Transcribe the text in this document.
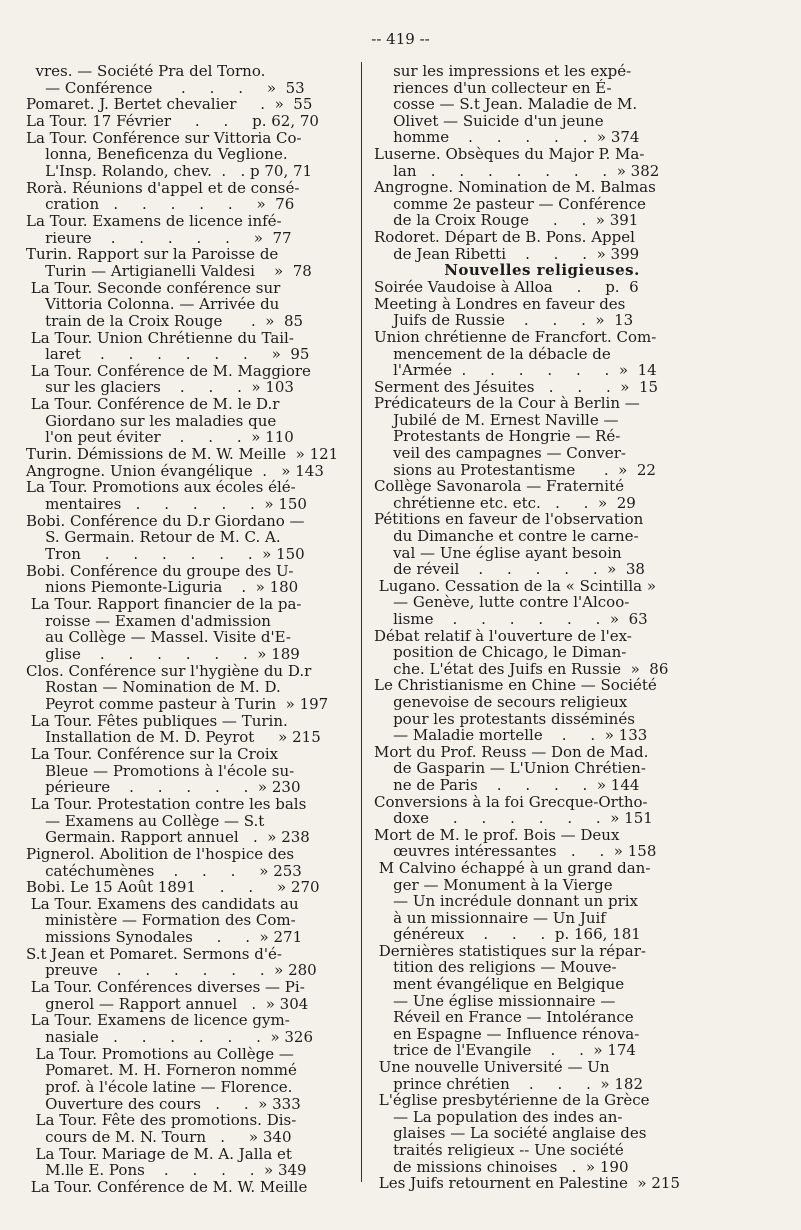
-- 419 --
vres. — Société Pra del Torno.
— Conférence      .     .     .     »  53
Pomaret. J. Bertet chevalier     .  »  55
La Tour. 17 Février     .     .     p. 62, 70
La Tour. Conférence sur Vittoria Co-
lonna, Beneficenza du Veglione.
L'Insp. Rolando, chev.  .   . p 70, 71
Rorà. Réunions d'appel et de consé-
cration   .     .     .     .     .     »  76
La Tour. Examens de licence infé-
rieure    .     .     .     .     .     »  77
Turin. Rapport sur la Paroisse de
Turin — Artigianelli Valdesi    »  78
La Tour. Seconde conférence sur
Vittoria Colonna. — Arrivée du
train de la Croix Rouge      .  »  85
La Tour. Union Chrétienne du Tail-
laret    .     .     .     .     .     .     »  95
La Tour. Conférence de M. Maggiore
sur les glaciers    .     .     .  » 103
La Tour. Conférence de M. le D.r
Giordano sur les maladies que
l'on peut éviter    .     .     .  » 110
Turin. Démissions de M. W. Meille  » 121
Angrogne. Union évangélique  .   » 143
La Tour. Promotions aux écoles élé-
mentaires   .     .     .     .     .  » 150
Bobi. Conférence du D.r Giordano —
S. Germain. Retour de M. C. A.
Tron     .     .     .     .     .     .  » 150
Bobi. Conférence du groupe des U-
nions Piemonte-Liguria    .  » 180
La Tour. Rapport financier de la pa-
roisse — Examen d'admission
au Collège — Massel. Visite d'E-
glise    .     .     .     .     .     .  » 189
Clos. Conférence sur l'hygiène du D.r
Rostan — Nomination de M. D.
Peyrot comme pasteur à Turin  » 197
La Tour. Fêtes publiques — Turin.
Installation de M. D. Peyrot     » 215
La Tour. Conférence sur la Croix
Bleue — Promotions à l'école su-
périeure    .     .     .     .     .  » 230
La Tour. Protestation contre les bals
— Examens au Collège — S.t
Germain. Rapport annuel   .  » 238
Pignerol. Abolition de l'hospice des
catéchumènes    .     .     .     » 253
Bobi. Le 15 Août 1891     .     .     » 270
La Tour. Examens des candidats au
ministère — Formation des Com-
missions Synodales     .     .  » 271
S.t Jean et Pomaret. Sermons d'é-
preuve    .     .     .     .     .     .  » 280
La Tour. Conférences diverses — Pi-
gnerol — Rapport annuel   .  » 304
La Tour. Examens de licence gym-
nasiale   .     .     .     .     .     .  » 326
La Tour. Promotions au Collège —
Pomaret. M. H. Forneron nommé
prof. à l'école latine — Florence.
Ouverture des cours   .     .  » 333
La Tour. Fête des promotions. Dis-
cours de M. N. Tourn   .     » 340
La Tour. Mariage de M. A. Jalla et
M.lle E. Pons    .     .     .     .  » 349
La Tour. Conférence de M. W. Meille
sur les impressions et les expé-
riences d'un collecteur en É-
cosse — S.t Jean. Maladie de M.
Olivet — Suicide d'un jeune
homme    .     .     .     .     .  » 374
Luserne. Obsèques du Major P. Ma-
lan   .     .     .     .     .     .     .  » 382
Angrogne. Nomination de M. Balmas
comme 2e pasteur — Conférence
de la Croix Rouge     .     .  » 391
Rodoret. Départ de B. Pons. Appel
de Jean Ribetti    .     .     .  » 399
Nouvelles religieuses.
Soirée Vaudoise à Alloa     .     p.  6
Meeting à Londres en faveur des
Juifs de Russie    .     .     .  »  13
Union chrétienne de Francfort. Com-
mencement de la débacle de
l'Armée  .     .     .     .     .     .  »  14
Serment des Jésuites   .     .     .  »  15
Prédicateurs de la Cour à Berlin —
Jubilé de M. Ernest Naville —
Protestants de Hongrie — Ré-
veil des campagnes — Conver-
sions au Protestantisme      .  »  22
Collège Savonarola — Fraternité
chrétienne etc. etc.   .     .  »  29
Pétitions en faveur de l'observation
du Dimanche et contre le carne-
val — Une église ayant besoin
de réveil    .     .     .     .     .  »  38
Lugano. Cessation de la « Scintilla »
— Genève, lutte contre l'Alcoo-
lisme    .     .     .     .     .     .  »  63
Débat relatif à l'ouverture de l'ex-
position de Chicago, le Diman-
che. L'état des Juifs en Russie  »  86
Le Christianisme en Chine — Société
genevoise de secours religieux
pour les protestants disséminés
— Maladie mortelle    .     .  » 133
Mort du Prof. Reuss — Don de Mad.
de Gasparin — L'Union Chrétien-
ne de Paris    .     .     .     .  » 144
Conversions à la foi Grecque-Ortho-
doxe     .     .     .     .     .     .  » 151
Mort de M. le prof. Bois — Deux
œuvres intéressantes   .     .  » 158
M Calvino échappé à un grand dan-
ger — Monument à la Vierge
— Un incrédule donnant un prix
à un missionnaire — Un Juif
généreux    .     .     .  p. 166, 181
Dernières statistiques sur la répar-
tition des religions — Mouve-
ment évangélique en Belgique
— Une église missionnaire —
Réveil en France — Intolérance
en Espagne — Influence rénova-
trice de l'Evangile    .     .  » 174
Une nouvelle Université — Un
prince chrétien    .     .     .  » 182
L'église presbytérienne de la Grèce
— La population des indes an-
glaises — La société anglaise des
traités religieux -- Une société
de missions chinoises   .  » 190
Les Juifs retournent en Palestine  » 215
